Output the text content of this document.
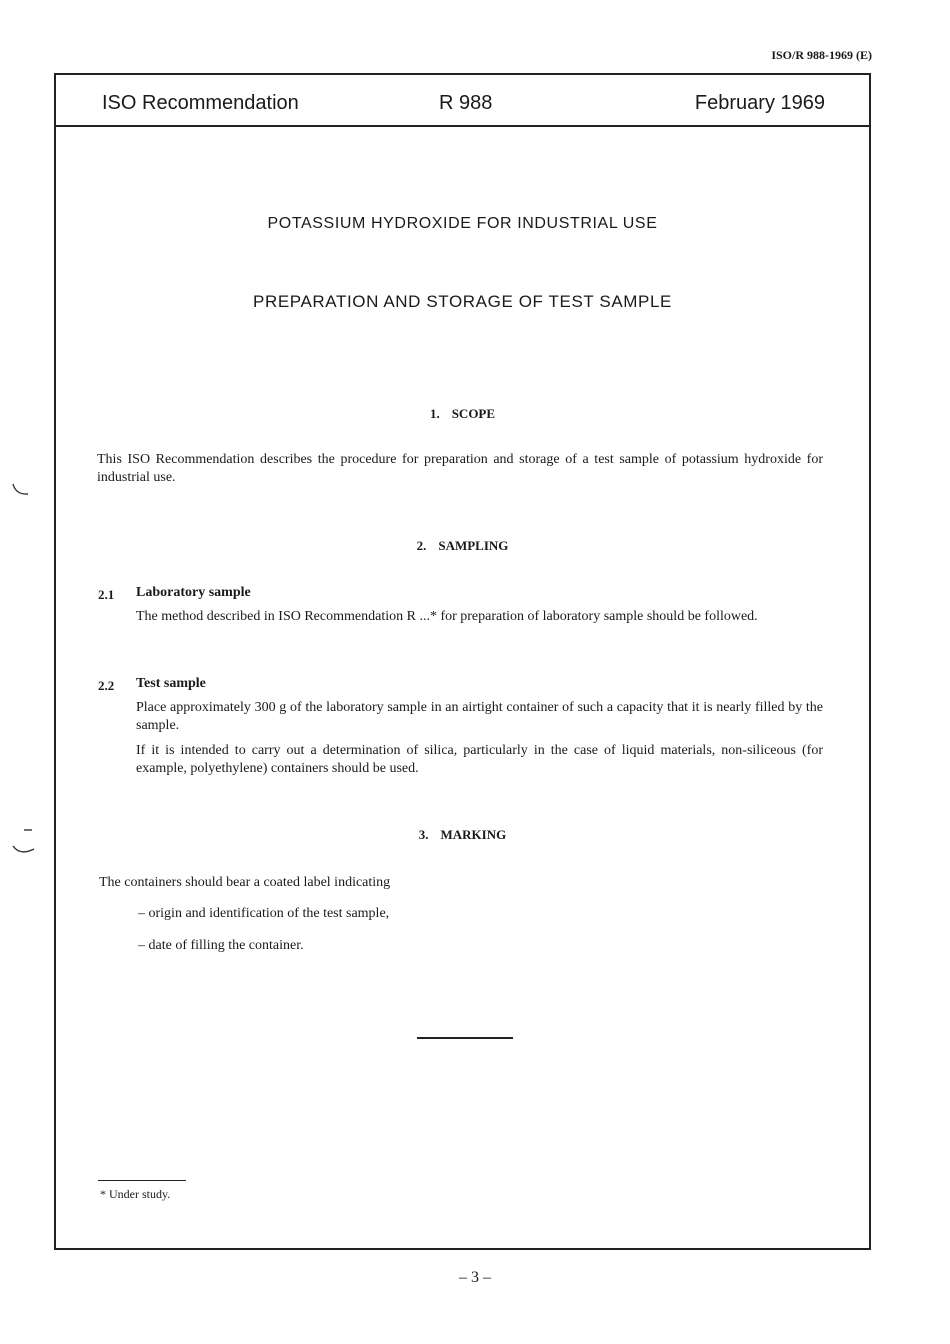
ISO/R 988-1969 (E)
ISO Recommendation	R 988	February 1969
POTASSIUM HYDROXIDE FOR INDUSTRIAL USE
PREPARATION AND STORAGE OF TEST SAMPLE
1. SCOPE
This ISO Recommendation describes the procedure for preparation and storage of a test sample of potassium hydroxide for industrial use.
2. SAMPLING
2.1 Laboratory sample
The method described in ISO Recommendation R ...* for preparation of laboratory sample should be followed.
2.2 Test sample
Place approximately 300 g of the laboratory sample in an airtight container of such a capacity that it is nearly filled by the sample.
If it is intended to carry out a determination of silica, particularly in the case of liquid materials, non-siliceous (for example, polyethylene) containers should be used.
3. MARKING
The containers should bear a coated label indicating
– origin and identification of the test sample,
– date of filling the container.
* Under study.
– 3 –
